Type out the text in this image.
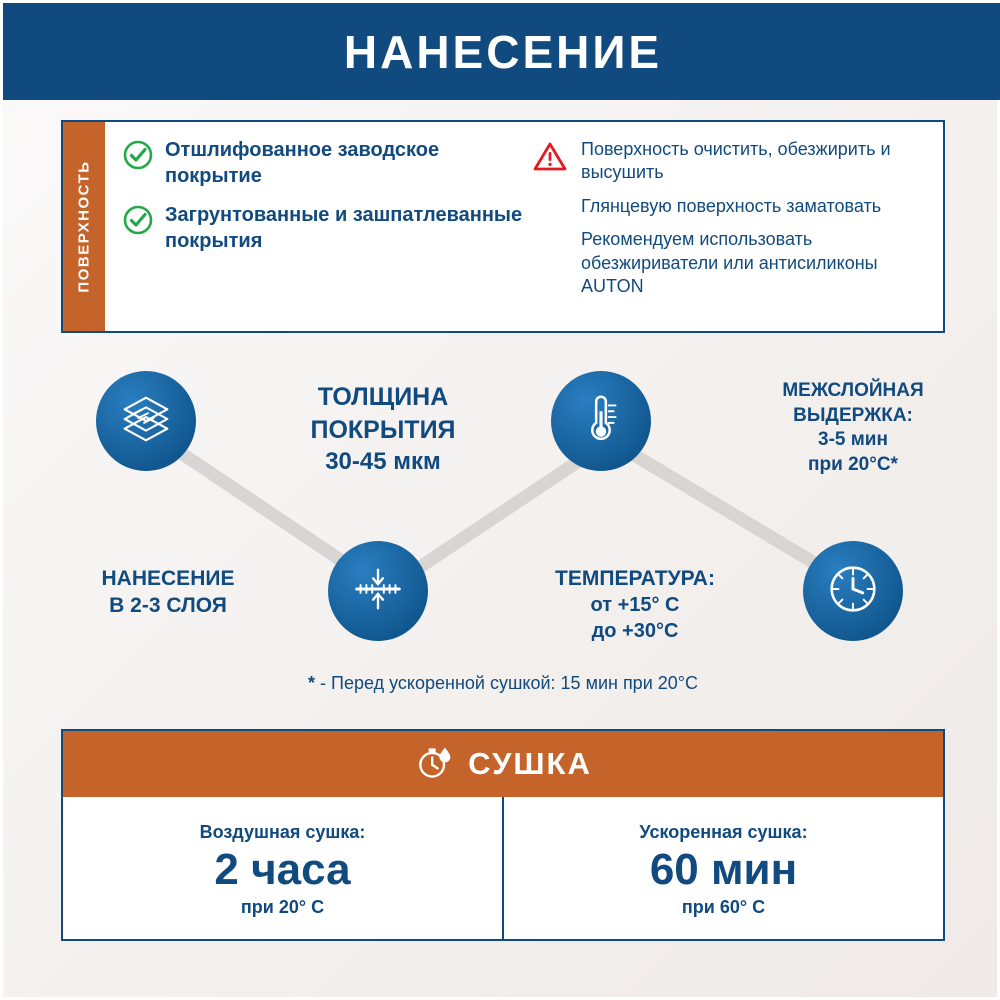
НАНЕСЕНИЕ
ПОВЕРХНОСТЬ
Отшлифованное заводское покрытие
Загрунтованные и зашпатлеванные покрытия
Поверхность очистить, обезжирить и высушить
Глянцевую поверхность заматовать
Рекомендуем использовать обезжириватели или антисиликоны AUTON
ТОЛЩИНА
ПОКРЫТИЯ
30-45 мкм
МЕЖСЛОЙНАЯ
ВЫДЕРЖКА:
3-5 мин
при 20°С*
НАНЕСЕНИЕ
В 2-3 СЛОЯ
ТЕМПЕРАТУРА:
от +15° С
до +30°С
* - Перед ускоренной сушкой: 15 мин при 20°С
СУШКА
Воздушная сушка:
2 часа
при 20° С
Ускоренная сушка:
60 мин
при 60° С
